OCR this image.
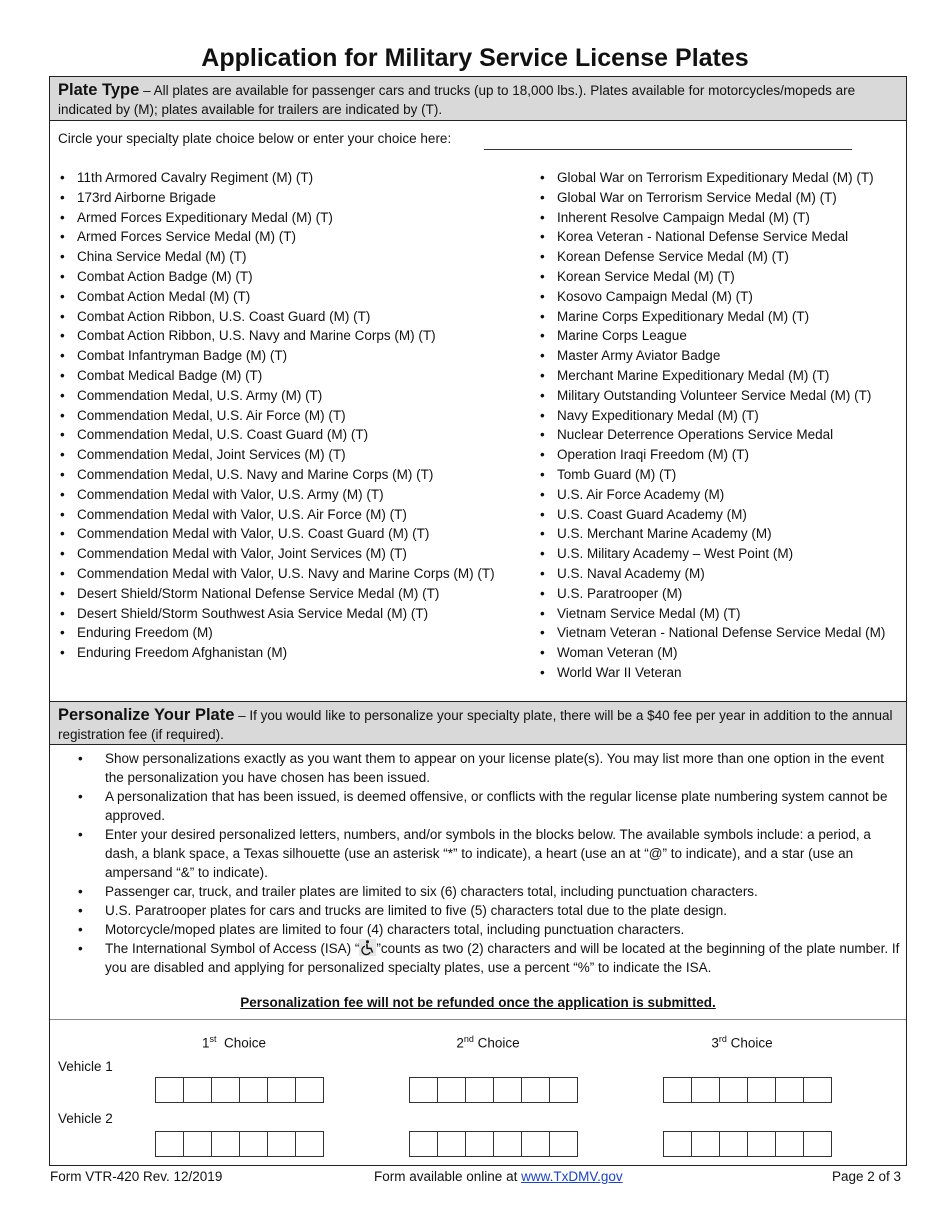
Application for Military Service License Plates
Plate Type – All plates are available for passenger cars and trucks (up to 18,000 lbs.). Plates available for motorcycles/mopeds are indicated by (M); plates available for trailers are indicated by (T).
Circle your specialty plate choice below or enter your choice here:
• 11th Armored Cavalry Regiment (M) (T)
• 173rd Airborne Brigade
• Armed Forces Expeditionary Medal (M) (T)
• Armed Forces Service Medal (M) (T)
• China Service Medal (M) (T)
• Combat Action Badge (M) (T)
• Combat Action Medal (M) (T)
• Combat Action Ribbon, U.S. Coast Guard (M) (T)
• Combat Action Ribbon, U.S. Navy and Marine Corps (M) (T)
• Combat Infantryman Badge (M) (T)
• Combat Medical Badge (M) (T)
• Commendation Medal, U.S. Army (M) (T)
• Commendation Medal, U.S. Air Force (M) (T)
• Commendation Medal, U.S. Coast Guard (M) (T)
• Commendation Medal, Joint Services (M) (T)
• Commendation Medal, U.S. Navy and Marine Corps (M) (T)
• Commendation Medal with Valor, U.S. Army (M) (T)
• Commendation Medal with Valor, U.S. Air Force (M) (T)
• Commendation Medal with Valor, U.S. Coast Guard (M) (T)
• Commendation Medal with Valor, Joint Services (M) (T)
• Commendation Medal with Valor, U.S. Navy and Marine Corps (M) (T)
• Desert Shield/Storm National Defense Service Medal (M) (T)
• Desert Shield/Storm Southwest Asia Service Medal (M) (T)
• Enduring Freedom (M)
• Enduring Freedom Afghanistan (M)
• Global War on Terrorism Expeditionary Medal (M) (T)
• Global War on Terrorism Service Medal (M) (T)
• Inherent Resolve Campaign Medal (M) (T)
• Korea Veteran - National Defense Service Medal
• Korean Defense Service Medal (M) (T)
• Korean Service Medal (M) (T)
• Kosovo Campaign Medal (M) (T)
• Marine Corps Expeditionary Medal (M) (T)
• Marine Corps League
• Master Army Aviator Badge
• Merchant Marine Expeditionary Medal (M) (T)
• Military Outstanding Volunteer Service Medal (M) (T)
• Navy Expeditionary Medal (M) (T)
• Nuclear Deterrence Operations Service Medal
• Operation Iraqi Freedom (M) (T)
• Tomb Guard (M) (T)
• U.S. Air Force Academy (M)
• U.S. Coast Guard Academy (M)
• U.S. Merchant Marine Academy (M)
• U.S. Military Academy – West Point (M)
• U.S. Naval Academy (M)
• U.S. Paratrooper (M)
• Vietnam Service Medal (M) (T)
• Vietnam Veteran - National Defense Service Medal (M)
• Woman Veteran (M)
• World War II Veteran
Personalize Your Plate – If you would like to personalize your specialty plate, there will be a $40 fee per year in addition to the annual registration fee (if required).
• Show personalizations exactly as you want them to appear on your license plate(s). You may list more than one option in the event the personalization you have chosen has been issued.
• A personalization that has been issued, is deemed offensive, or conflicts with the regular license plate numbering system cannot be approved.
• Enter your desired personalized letters, numbers, and/or symbols in the blocks below. The available symbols include: a period, a dash, a blank space, a Texas silhouette (use an asterisk “*” to indicate), a heart (use an at “@” to indicate), and a star (use an ampersand “&” to indicate).
• Passenger car, truck, and trailer plates are limited to six (6) characters total, including punctuation characters.
• U.S. Paratrooper plates for cars and trucks are limited to five (5) characters total due to the plate design.
• Motorcycle/moped plates are limited to four (4) characters total, including punctuation characters.
• The International Symbol of Access (ISA) “ ”counts as two (2) characters and will be located at the beginning of the plate number. If you are disabled and applying for personalized specialty plates, use a percent “%” to indicate the ISA.
Personalization fee will not be refunded once the application is submitted.
1st  Choice	2nd Choice	3rd Choice
Vehicle 1
Vehicle 2
Form VTR-420 Rev. 12/2019	Form available online at www.TxDMV.gov	Page 2 of 3
